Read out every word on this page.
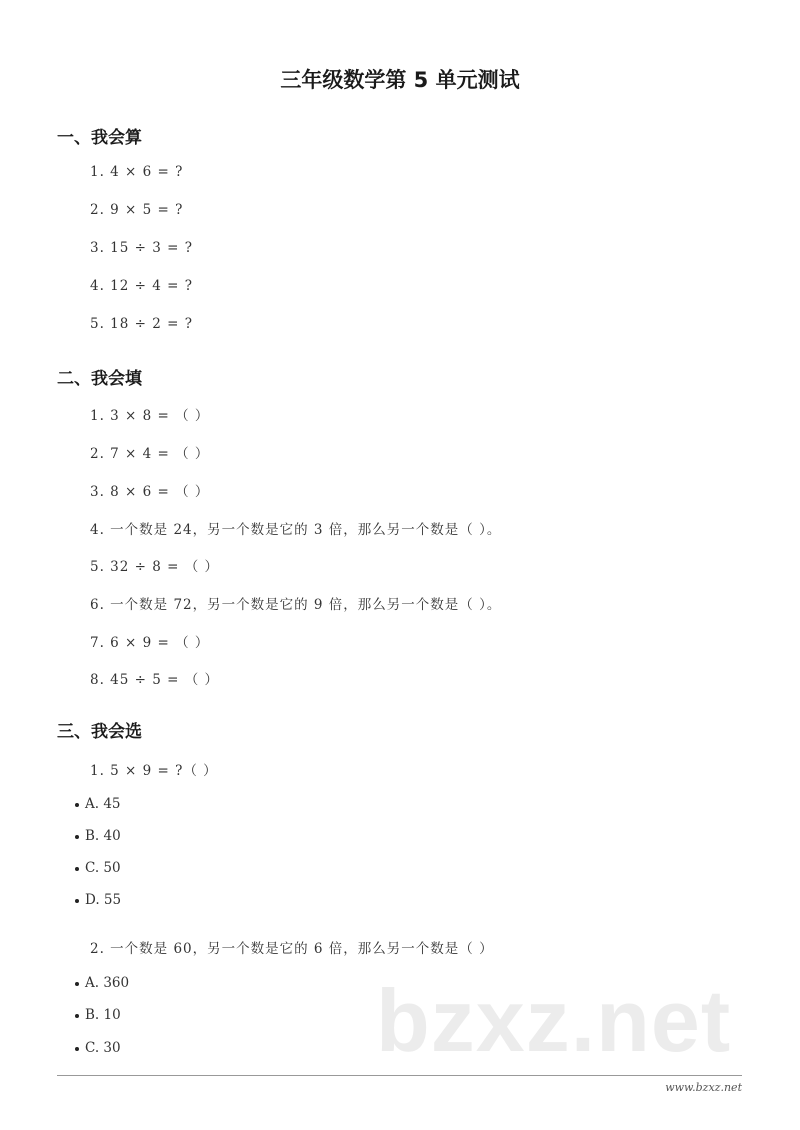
三年级数学第 5 单元测试
一、我会算
1. 4 × 6 = ?
2. 9 × 5 = ?
3. 15 ÷ 3 = ?
4. 12 ÷ 4 = ?
5. 18 ÷ 2 = ?
二、我会填
1. 3 × 8 = （ ）
2. 7 × 4 = （ ）
3. 8 × 6 = （ ）
4. 一个数是 24，另一个数是它的 3 倍，那么另一个数是（ ）。
5. 32 ÷ 8 = （ ）
6. 一个数是 72，另一个数是它的 9 倍，那么另一个数是（ ）。
7. 6 × 9 = （ ）
8. 45 ÷ 5 = （ ）
三、我会选
1. 5 × 9 = ?（ ）
A. 45
B. 40
C. 50
D. 55
2. 一个数是 60，另一个数是它的 6 倍，那么另一个数是（ ）
bzxz.net
A. 360
B. 10
C. 30
www.bzxz.net
